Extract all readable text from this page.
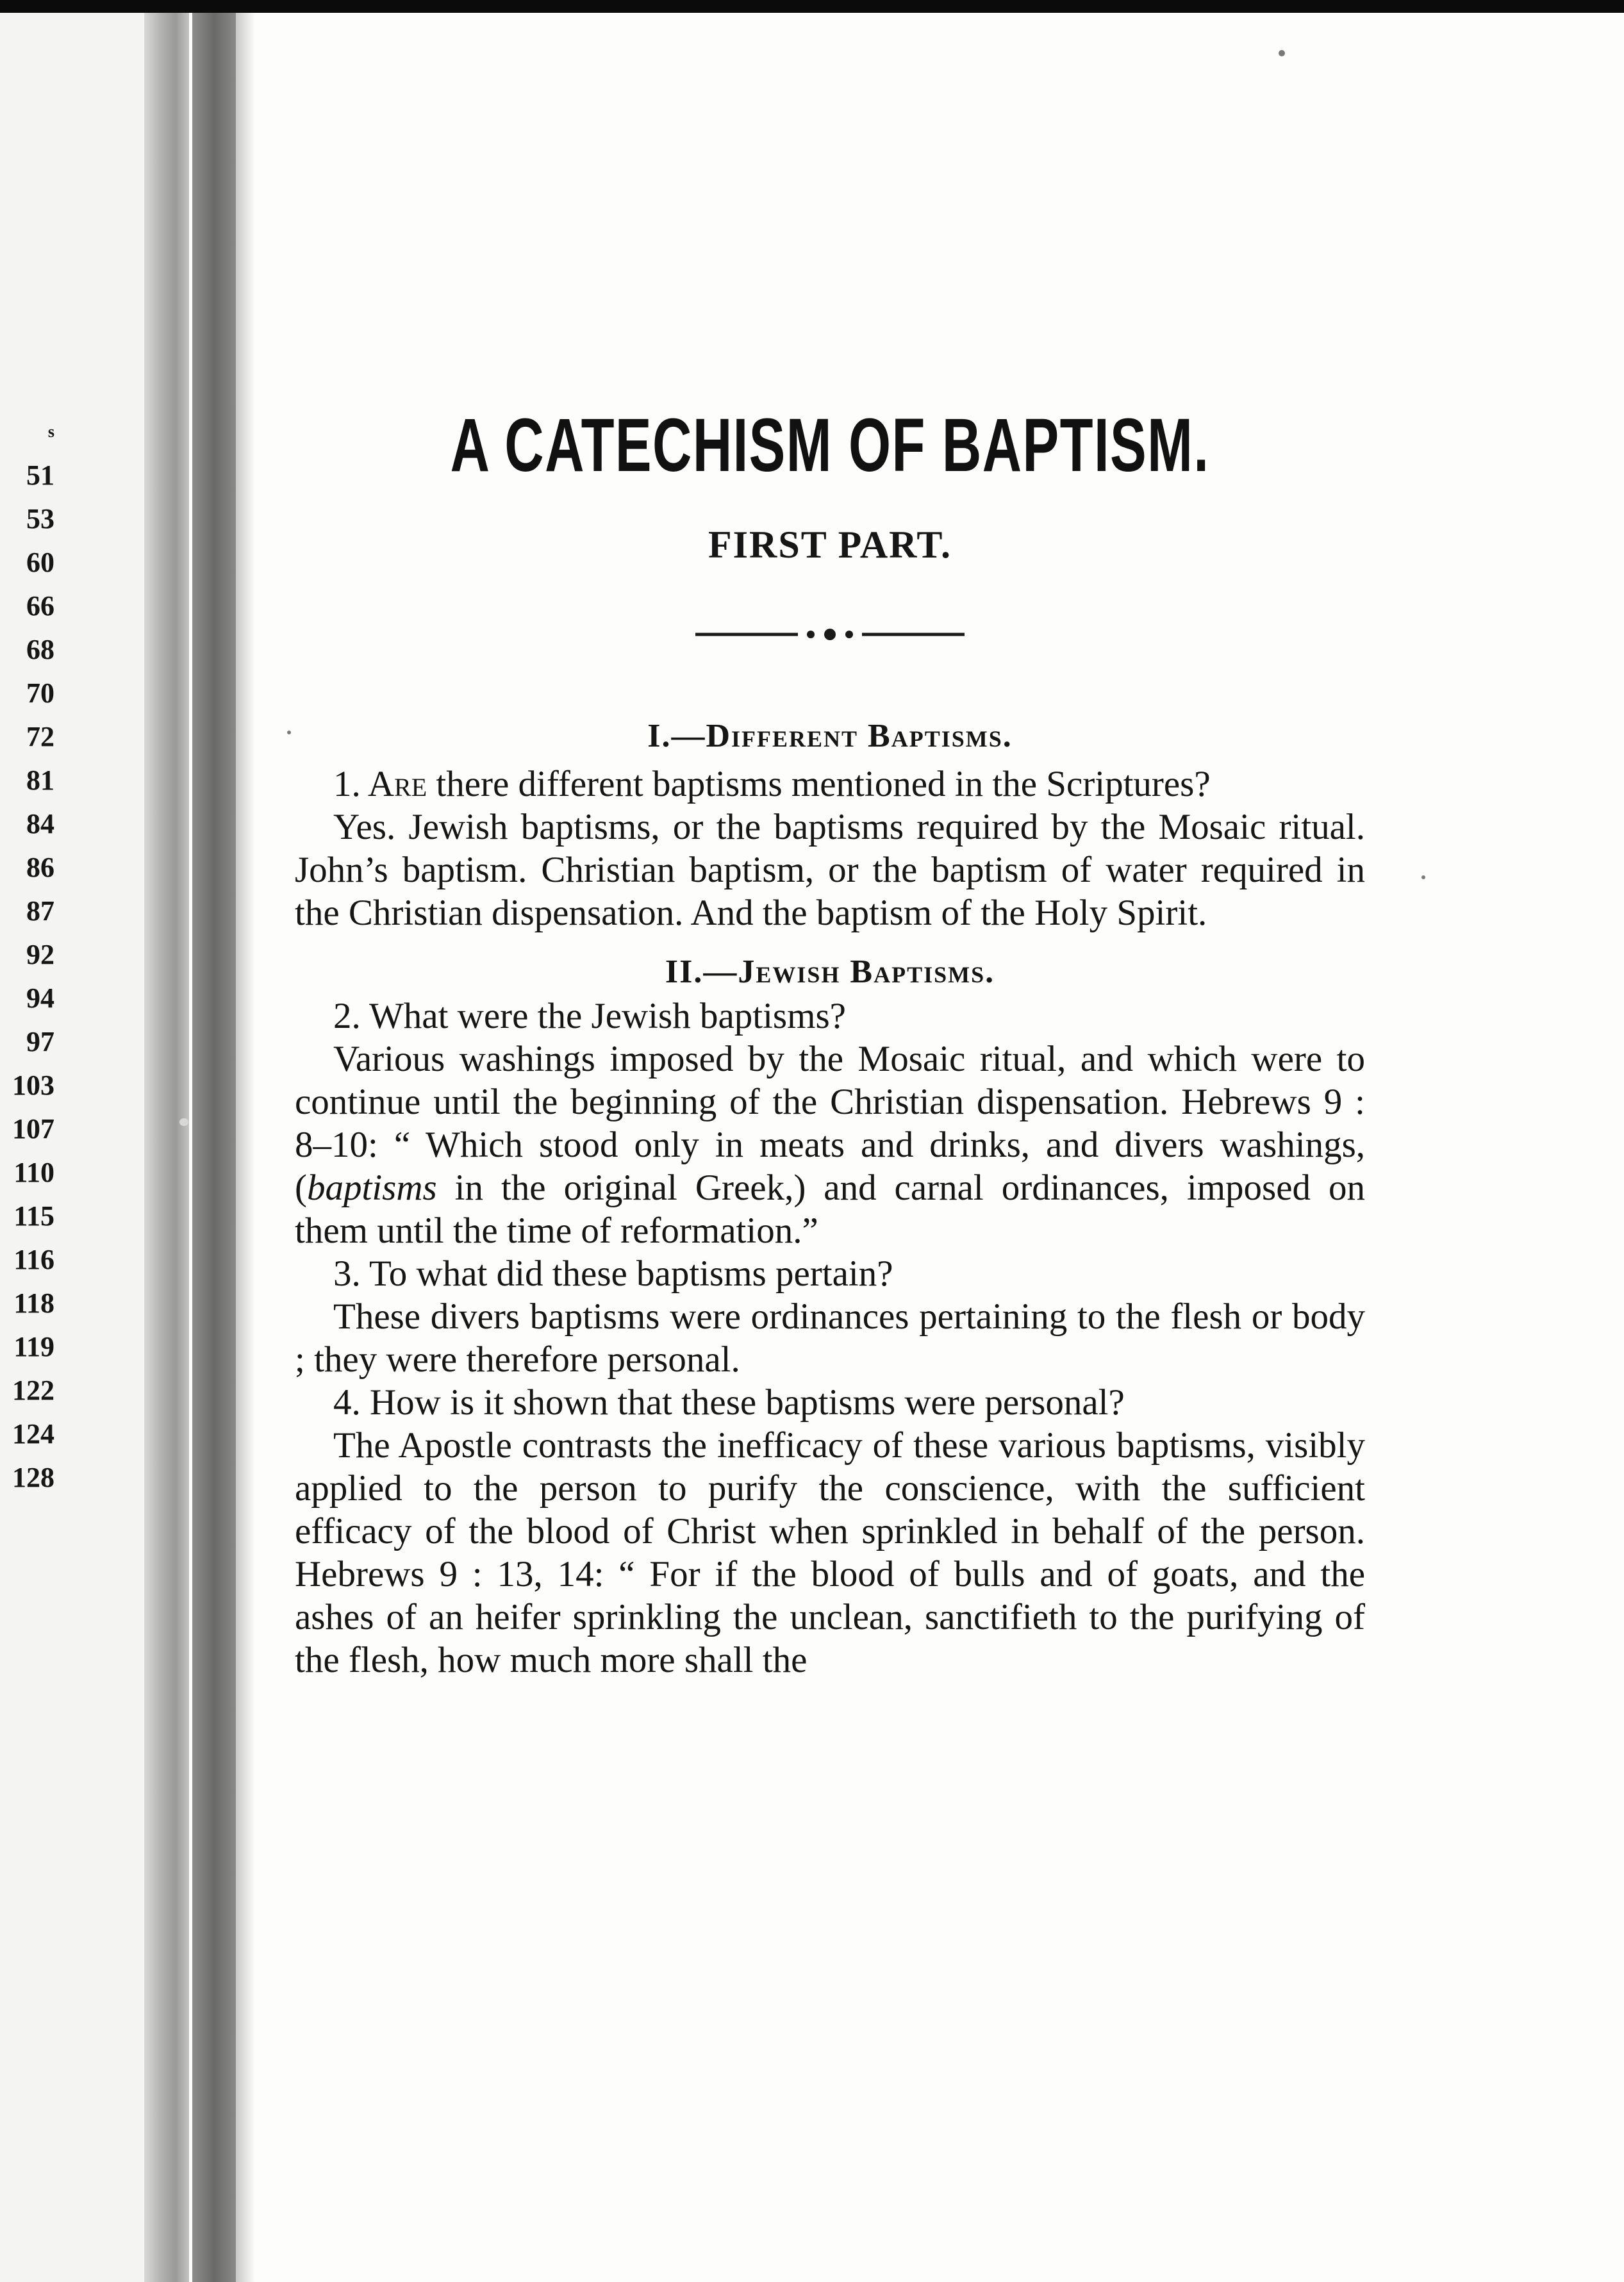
s
51
53
60
66
68
70
72
81
84
86
87
92
94
97
103
107
110
115
116
118
119
122
124
128
A CATECHISM OF BAPTISM.
FIRST PART.
I.—Different Baptisms.

1. Are there different baptisms mentioned in the Scriptures?

Yes. Jewish baptisms, or the baptisms required by the Mosaic ritual. John’s baptism. Christian baptism, or the baptism of water required in the Christian dispensation. And the baptism of the Holy Spirit.

II.—Jewish Baptisms.

2. What were the Jewish baptisms?

Various washings imposed by the Mosaic ritual, and which were to continue until the beginning of the Christian dispensation. Hebrews 9 : 8–10: “ Which stood only in meats and drinks, and divers washings, (baptisms in the original Greek,) and carnal ordinances, imposed on them until the time of reformation.”

3. To what did these baptisms pertain?

These divers baptisms were ordinances pertaining to the flesh or body ; they were therefore personal.

4. How is it shown that these baptisms were personal?

The Apostle contrasts the inefficacy of these various baptisms, visibly applied to the person to purify the conscience, with the sufficient efficacy of the blood of Christ when sprinkled in behalf of the person. Hebrews 9 : 13, 14: “ For if the blood of bulls and of goats, and the ashes of an heifer sprinkling the unclean, sanctifieth to the purifying of the flesh, how much more shall the
